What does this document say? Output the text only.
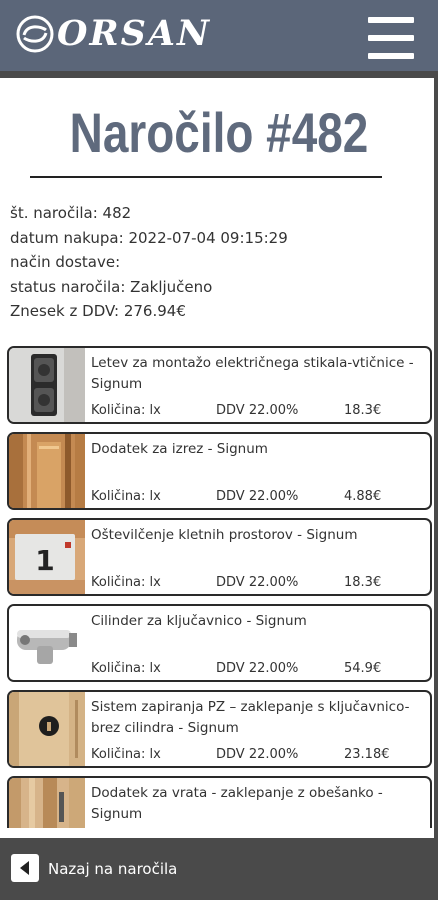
ORSAN
Naročilo #482
št. naročila: 482
datum nakupa: 2022-07-04 09:15:29
način dostave:
status naročila: Zaključeno
Znesek z DDV: 276.94€
Letev za montažo električnega stikala-vtičnice - Signum
Količina: lx	DDV 22.00%	18.3€
Dodatek za izrez - Signum
Količina: lx	DDV 22.00%	4.88€
1
Oštevilčenje kletnih prostorov - Signum
Količina: lx	DDV 22.00%	18.3€
Cilinder za ključavnico - Signum
Količina: lx	DDV 22.00%	54.9€
Sistem zapiranja PZ – zaklepanje s ključavnico-brez cilindra - Signum
Količina: lx	DDV 22.00%	23.18€
Dodatek za vrata - zaklepanje z obešanko - Signum
Nazaj na naročila
